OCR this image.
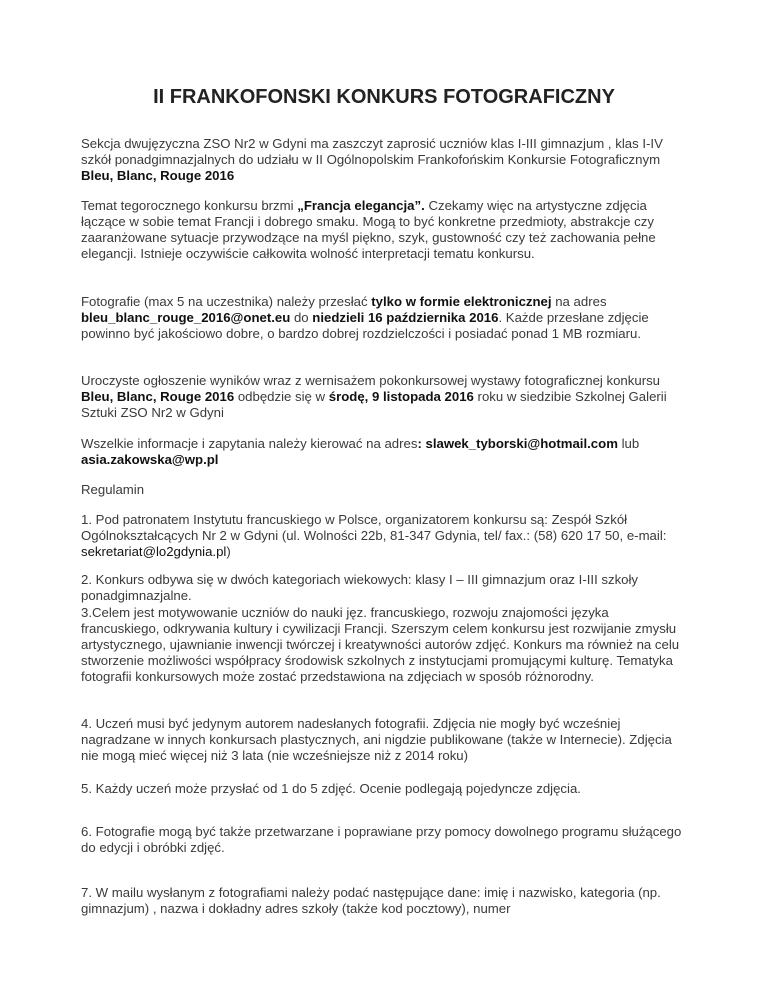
II FRANKOFONSKI KONKURS FOTOGRAFICZNY

Sekcja dwujęzyczna ZSO Nr2 w Gdyni ma zaszczyt zaprosić uczniów klas I-III gimnazjum , klas I-IV szkół ponadgimnazjalnych do udziału w II Ogólnopolskim Frankofońskim Konkursie Fotograficznym Bleu, Blanc, Rouge 2016

Temat tegorocznego konkursu brzmi „Francja elegancja”. Czekamy więc na artystyczne zdjęcia łączące w sobie temat Francji i dobrego smaku. Mogą to być konkretne przedmioty, abstrakcje czy zaaranżowane sytuacje przywodzące na myśl piękno, szyk, gustowność czy też zachowania pełne elegancji. Istnieje oczywiście całkowita wolność interpretacji tematu konkursu.

Fotografie (max 5 na uczestnika) należy przesłać tylko w formie elektronicznej na adres bleu_blanc_rouge_2016@onet.eu do niedzieli 16 października 2016. Każde przesłane zdjęcie powinno być jakościowo dobre, o bardzo dobrej rozdzielczości i posiadać ponad 1 MB rozmiaru.

Uroczyste ogłoszenie wyników wraz z wernisażem pokonkursowej wystawy fotograficznej konkursu Bleu, Blanc, Rouge 2016 odbędzie się w środę, 9 listopada 2016 roku w siedzibie Szkolnej Galerii Sztuki ZSO Nr2 w Gdyni

Wszelkie informacje i zapytania należy kierować na adres: slawek_tyborski@hotmail.com lub asia.zakowska@wp.pl

Regulamin

1. Pod patronatem Instytutu francuskiego w Polsce, organizatorem konkursu są: Zespół Szkół Ogólnokształcących Nr 2 w Gdyni (ul. Wolności 22b, 81-347 Gdynia, tel/ fax.: (58) 620 17 50, e-mail: sekretariat@lo2gdynia.pl)

2. Konkurs odbywa się w dwóch kategoriach wiekowych: klasy I – III gimnazjum oraz I-III szkoły ponadgimnazjalne.

3.Celem jest motywowanie uczniów do nauki jęz. francuskiego, rozwoju znajomości języka francuskiego, odkrywania kultury i cywilizacji Francji. Szerszym celem konkursu jest rozwijanie zmysłu artystycznego, ujawnianie inwencji twórczej i kreatywności autorów zdjęć. Konkurs ma również na celu stworzenie możliwości współpracy środowisk szkolnych z instytucjami promującymi kulturę. Tematyka fotografii konkursowych może zostać przedstawiona na zdjęciach w sposób różnorodny.

4. Uczeń musi być jedynym autorem nadesłanych fotografii. Zdjęcia nie mogły być wcześniej nagradzane w innych konkursach plastycznych, ani nigdzie publikowane (także w Internecie). Zdjęcia nie mogą mieć więcej niż 3 lata (nie wcześniejsze niż z 2014 roku)

5. Każdy uczeń może przysłać od 1 do 5 zdjęć. Ocenie podlegają pojedyncze zdjęcia.

6. Fotografie mogą być także przetwarzane i poprawiane przy pomocy dowolnego programu służącego do edycji i obróbki zdjęć.

7. W mailu wysłanym z fotografiami należy podać następujące dane: imię i nazwisko, kategoria (np. gimnazjum) , nazwa i dokładny adres szkoły (także kod pocztowy), numer
